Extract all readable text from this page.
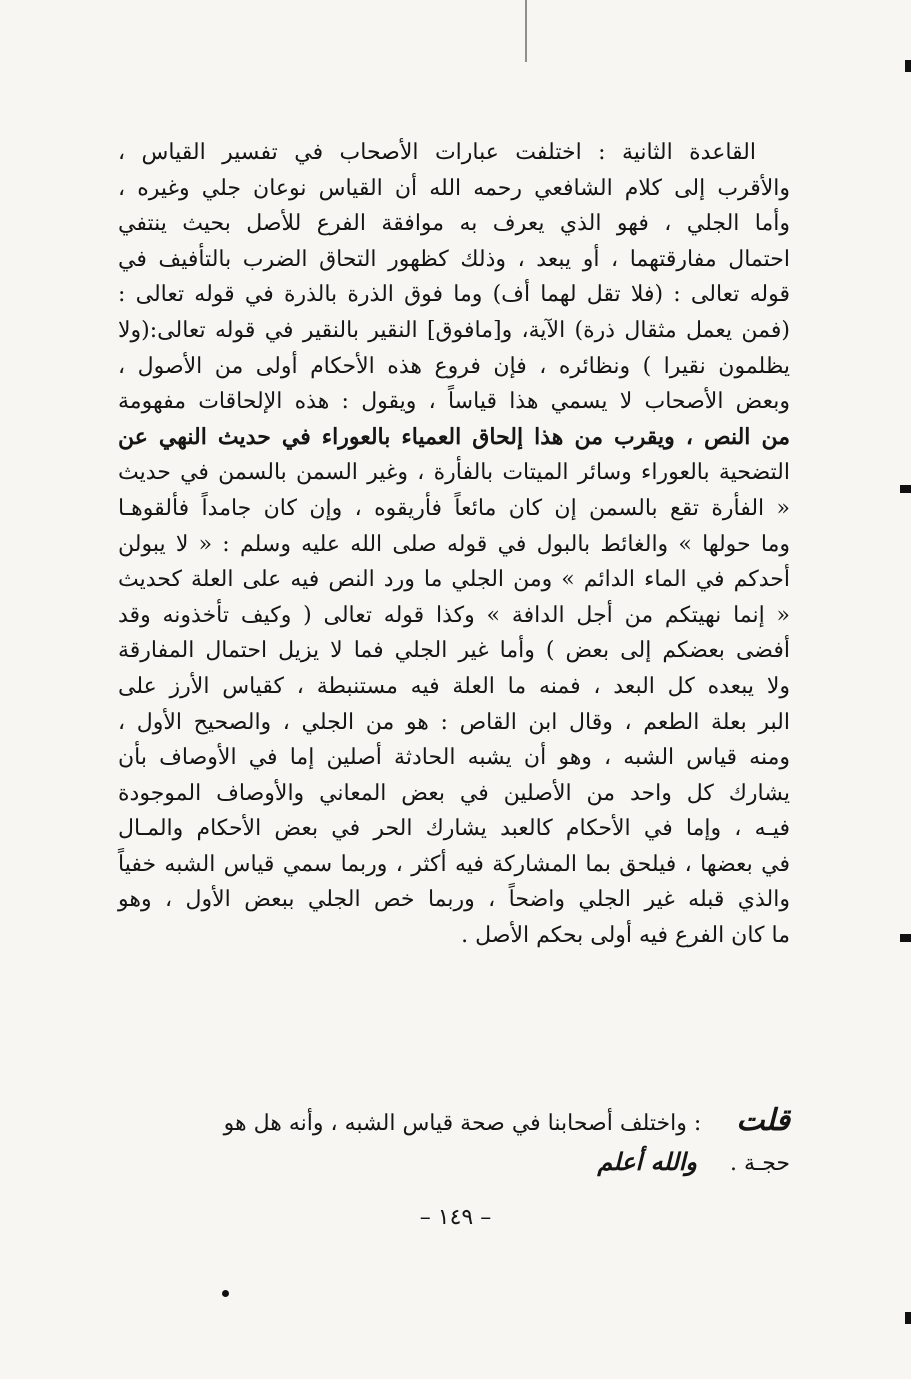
القاعدة الثانية : اختلفت عبارات الأصحاب في تفسير القياس ،
والأقرب إلى كلام الشافعي رحمه الله أن القياس نوعان جلي وغيره ،
وأما الجلي ، فهو الذي يعرف به موافقة الفرع للأصل بحيث ينتفي
احتمال مفارقتهما ، أو يبعد ، وذلك كظهور التحاق الضرب بالتأفيف في
قوله تعالى : (فلا تقل لهما أف) وما فوق الذرة بالذرة في قوله تعالى :
(فمن يعمل مثقال ذرة) الآية، و[مافوق] النقير بالنقير في قوله تعالى:(ولا
يظلمون نقيرا ) ونظائره ، فإن فروع هذه الأحكام أولى من الأصول ،
وبعض الأصحاب لا يسمي هذا قياساً ، ويقول : هذه الإلحاقات مفهومة
من النص ، ويقرب من هذا إلحاق العمياء بالعوراء في حديث النهي عن
التضحية بالعوراء وسائر الميتات بالفأرة ، وغير السمن بالسمن في حديث
« الفأرة تقع بالسمن إن كان مائعاً فأريقوه ، وإن كان جامداً فألقوهـا
وما حولها » والغائط بالبول في قوله صلى الله عليه وسلم : « لا يبولن
أحدكم في الماء الدائم » ومن الجلي ما ورد النص فيه على العلة كحديث
« إنما نهيتكم من أجل الدافة » وكذا قوله تعالى ( وكيف تأخذونه وقد
أفضى بعضكم إلى بعض ) وأما غير الجلي فما لا يزيل احتمال المفارقة
ولا يبعده كل البعد ، فمنه ما العلة فيه مستنبطة ، كقياس الأرز على
البر بعلة الطعم ، وقال ابن القاص : هو من الجلي ، والصحيح الأول ،
ومنه قياس الشبه ، وهو أن يشبه الحادثة أصلين إما في الأوصاف بأن
يشارك كل واحد من الأصلين في بعض المعاني والأوصاف الموجودة
فيـه ، وإما في الأحكام كالعبد يشارك الحر في بعض الأحكام والمـال
في بعضها ، فيلحق بما المشاركة فيه أكثر ، وربما سمي قياس الشبه خفياً
والذي قبله غير الجلي واضحاً ، وربما خص الجلي ببعض الأول ، وهو
ما كان الفرع فيه أولى بحكم الأصل .

قلت : واختلف أصحابنا في صحة قياس الشبه ، وأنه هل هو
حجـة . والله أعلم
– ١٤٩ –
